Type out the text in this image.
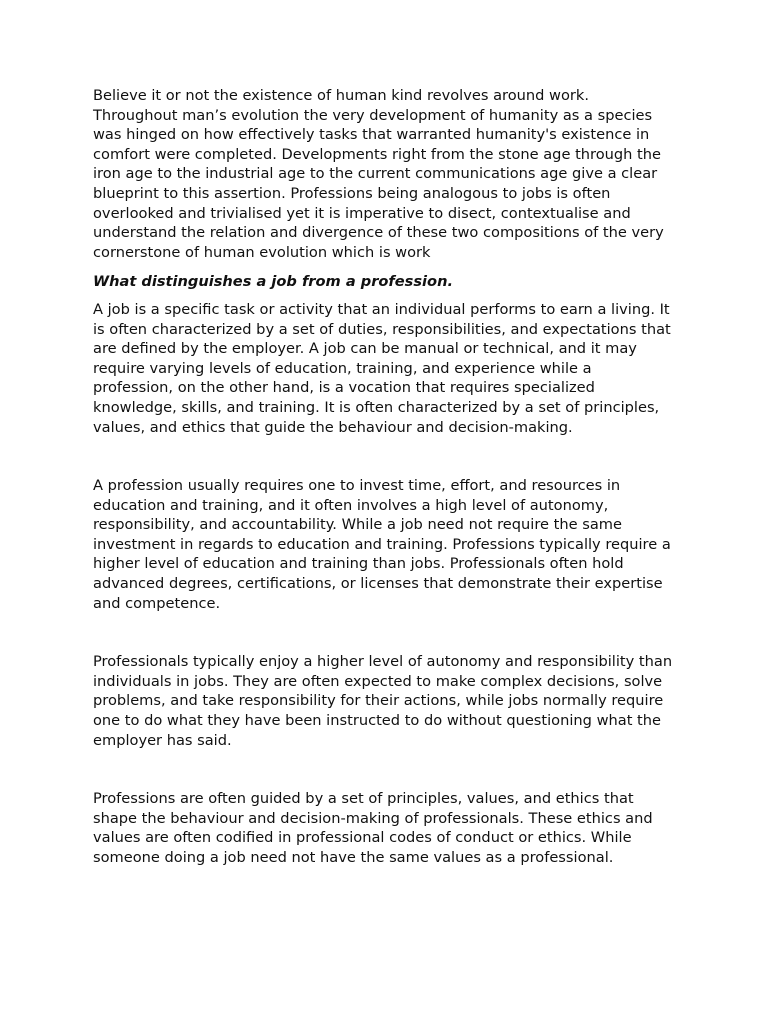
Believe it or not the existence of human kind revolves around work. Throughout man’s evolution the very development of humanity as a species was hinged on how effectively tasks that warranted humanity's existence in comfort were completed. Developments right from the stone age through the iron age to the industrial age to the current communications age give a clear blueprint to this assertion. Professions being analogous to jobs is often overlooked and trivialised yet it is imperative to disect, contextualise and understand the relation and divergence of these two compositions of the very cornerstone of human evolution which is work

What distinguishes a job from a profession.

A job is a specific task or activity that an individual performs to earn a living. It is often characterized by a set of duties, responsibilities, and expectations that are defined by the employer. A job can be manual or technical, and it may require varying levels of education, training, and experience while a profession, on the other hand, is a vocation that requires specialized knowledge, skills, and training. It is often characterized by a set of principles, values, and ethics that guide the behaviour and decision-making.

A profession usually requires one to invest time, effort, and resources in education and training, and it often involves a high level of autonomy, responsibility, and accountability. While a job need not require the same investment in regards to education and training. Professions typically require a higher level of education and training than jobs. Professionals often hold advanced degrees, certifications, or licenses that demonstrate their expertise and competence.

Professionals typically enjoy a higher level of autonomy and responsibility than individuals in jobs. They are often expected to make complex decisions, solve problems, and take responsibility for their actions, while jobs normally require one to do what they have been instructed to do without questioning what the employer has said.

Professions are often guided by a set of principles, values, and ethics that shape the behaviour and decision-making of professionals. These ethics and values are often codified in professional codes of conduct or ethics. While someone doing a job need not have the same values as a professional.
